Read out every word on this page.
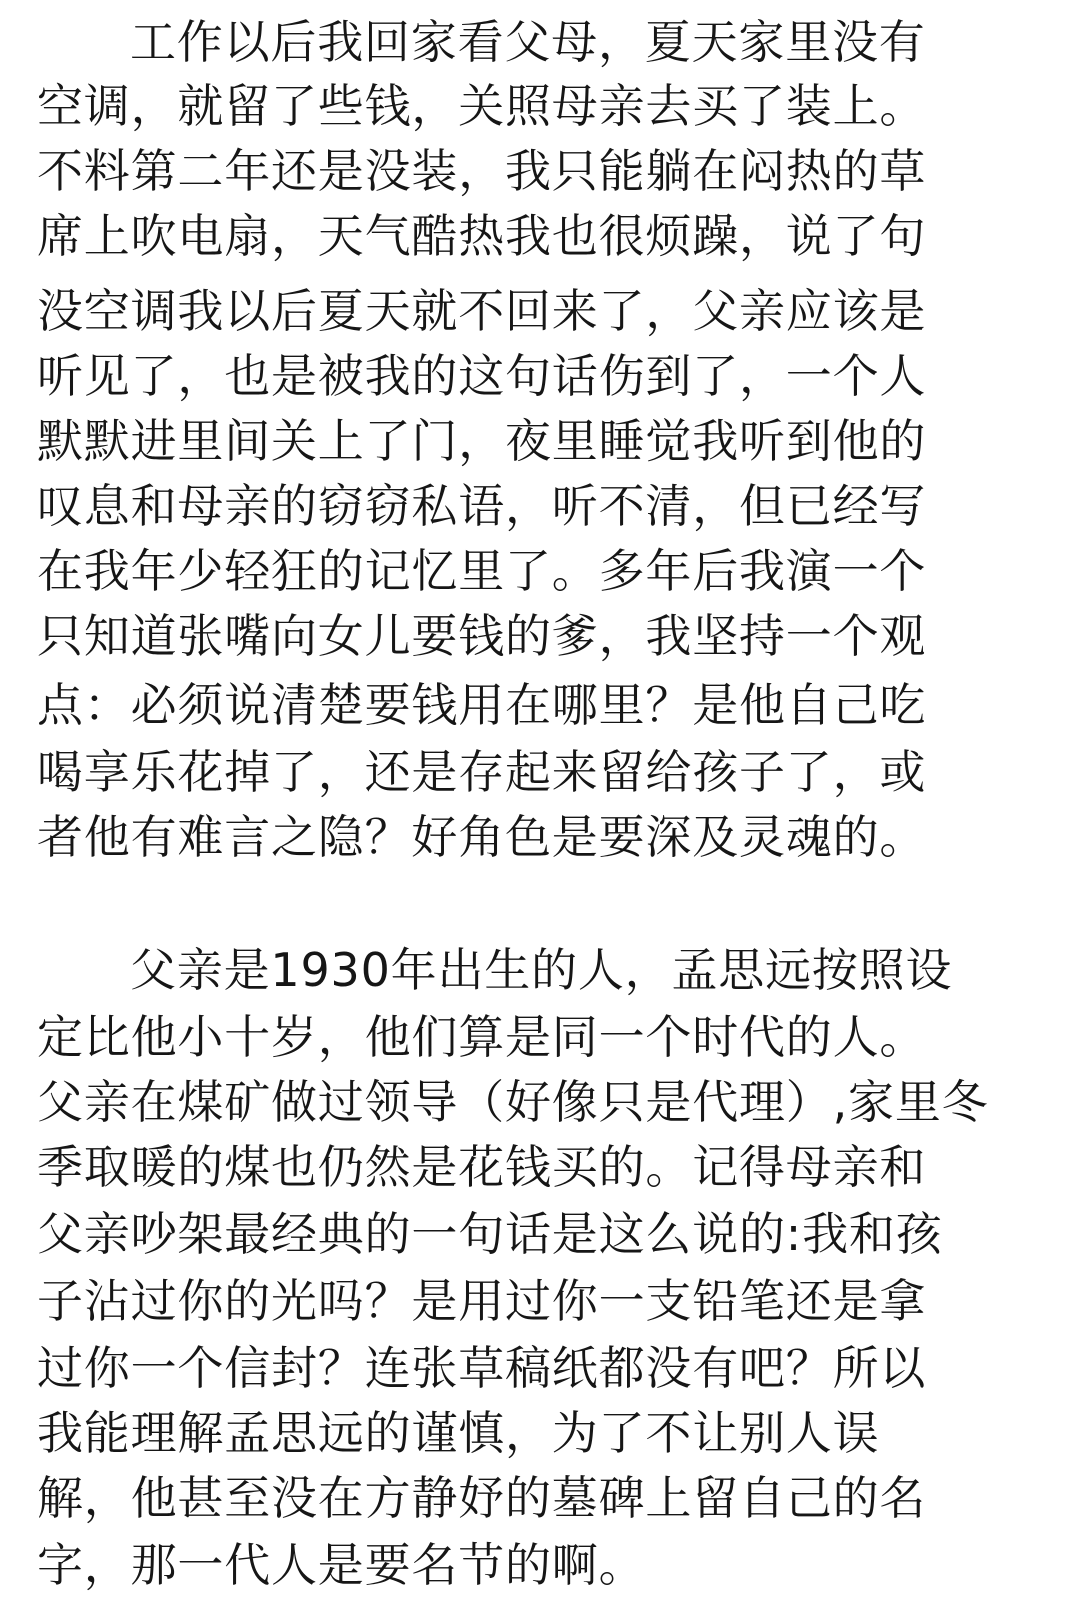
工作以后我回家看父母，夏天家里没有
空调，就留了些钱，关照母亲去买了装上。
不料第二年还是没装，我只能躺在闷热的草
席上吹电扇，天气酷热我也很烦躁，说了句
没空调我以后夏天就不回来了，父亲应该是
听见了，也是被我的这句话伤到了，一个人
默默进里间关上了门，夜里睡觉我听到他的
叹息和母亲的窃窃私语，听不清，但已经写
在我年少轻狂的记忆里了。多年后我演一个
只知道张嘴向女儿要钱的爹，我坚持一个观
点：必须说清楚要钱用在哪里？是他自己吃
喝享乐花掉了，还是存起来留给孩子了，或
者他有难言之隐？好角色是要深及灵魂的。
父亲是1930年出生的人，孟思远按照设
定比他小十岁，他们算是同一个时代的人。
父亲在煤矿做过领导（好像只是代理）,家里冬
季取暖的煤也仍然是花钱买的。记得母亲和
父亲吵架最经典的一句话是这么说的:我和孩
子沾过你的光吗？是用过你一支铅笔还是拿
过你一个信封？连张草稿纸都没有吧？所以
我能理解孟思远的谨慎，为了不让别人误
解，他甚至没在方静妤的墓碑上留自己的名
字，那一代人是要名节的啊。
